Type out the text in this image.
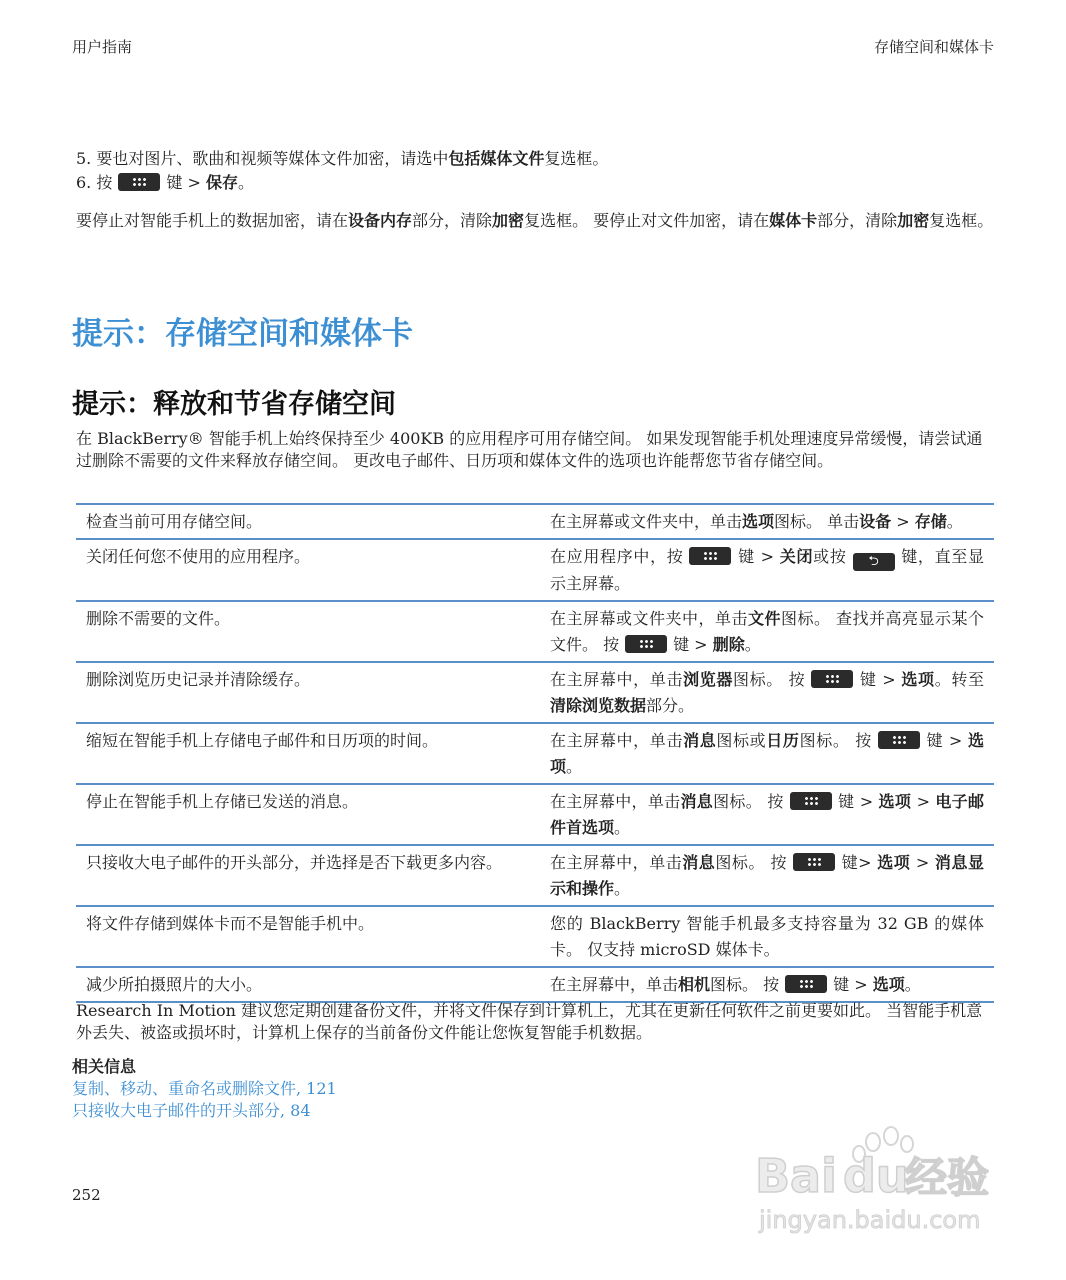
用户指南	存储空间和媒体卡
5. 要也对图片、歌曲和视频等媒体文件加密，请选中包括媒体文件复选框。
6. 按	键 > 保存。
要停止对智能手机上的数据加密，请在设备内存部分，清除加密复选框。 要停止对文件加密，请在媒体卡部分，清除加密复选框。
提示：存储空间和媒体卡
提示：释放和节省存储空间
在 BlackBerry® 智能手机上始终保持至少 400KB 的应用程序可用存储空间。 如果发现智能手机处理速度异常缓慢，请尝试通过删除不需要的文件来释放存储空间。 更改电子邮件、日历项和媒体文件的选项也许能帮您节省存储空间。
检查当前可用存储空间。	在主屏幕或文件夹中，单击选项图标。 单击设备 > 存储。
关闭任何您不使用的应用程序。	在应用程序中，按	键 > 关闭或按 ⮌ 键，直至显示主屏幕。
删除不需要的文件。	在主屏幕或文件夹中，单击文件图标。 查找并高亮显示某个文件。 按	键 > 删除。
删除浏览历史记录并清除缓存。	在主屏幕中，单击浏览器图标。 按	键 > 选项。转至清除浏览数据部分。
缩短在智能手机上存储电子邮件和日历项的时间。	在主屏幕中，单击消息图标或日历图标。 按	键 > 选项。
停止在智能手机上存储已发送的消息。	在主屏幕中，单击消息图标。 按	键 > 选项 > 电子邮件首选项。
只接收大电子邮件的开头部分，并选择是否下载更多内容。	在主屏幕中，单击消息图标。 按	键> 选项 > 消息显示和操作。
将文件存储到媒体卡而不是智能手机中。	您的 BlackBerry 智能手机最多支持容量为 32 GB 的媒体卡。 仅支持 microSD 媒体卡。
减少所拍摄照片的大小。	在主屏幕中，单击相机图标。 按	键 > 选项。
Research In Motion 建议您定期创建备份文件，并将文件保存到计算机上，尤其在更新任何软件之前更要如此。 当智能手机意外丢失、被盗或损坏时，计算机上保存的当前备份文件能让您恢复智能手机数据。
相关信息
复制、移动、重命名或删除文件, 121
只接收大电子邮件的开头部分, 84
252	Bai du
经验
jingyan.baidu.com
